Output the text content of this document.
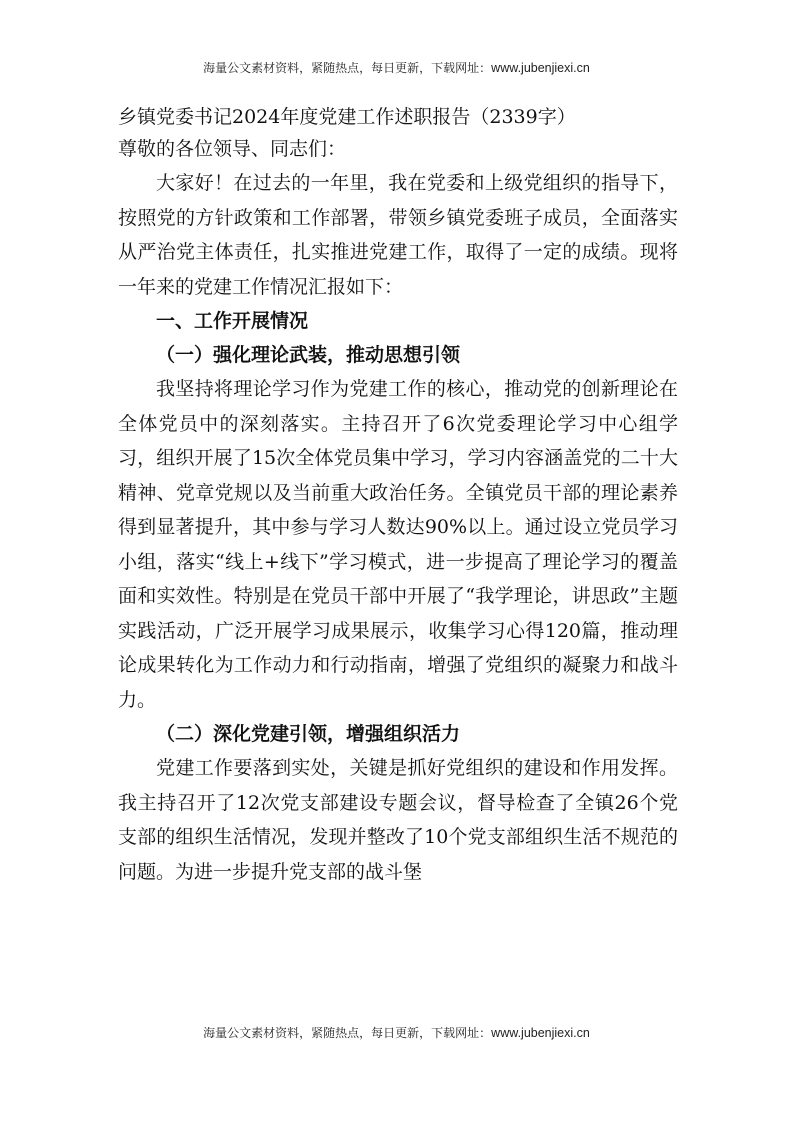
海量公文素材资料，紧随热点，每日更新，下载网址：www.jubenjiexi.cn
乡镇党委书记2024年度党建工作述职报告（2339字）

尊敬的各位领导、同志们：

大家好！在过去的一年里，我在党委和上级党组织的指导下，按照党的方针政策和工作部署，带领乡镇党委班子成员，全面落实从严治党主体责任，扎实推进党建工作，取得了一定的成绩。现将一年来的党建工作情况汇报如下：

一、工作开展情况

（一）强化理论武装，推动思想引领

我坚持将理论学习作为党建工作的核心，推动党的创新理论在全体党员中的深刻落实。主持召开了6次党委理论学习中心组学习，组织开展了15次全体党员集中学习，学习内容涵盖党的二十大精神、党章党规以及当前重大政治任务。全镇党员干部的理论素养得到显著提升，其中参与学习人数达90%以上。通过设立党员学习小组，落实“线上+线下”学习模式，进一步提高了理论学习的覆盖面和实效性。特别是在党员干部中开展了“我学理论，讲思政”主题实践活动，广泛开展学习成果展示，收集学习心得120篇，推动理论成果转化为工作动力和行动指南，增强了党组织的凝聚力和战斗力。

（二）深化党建引领，增强组织活力

党建工作要落到实处，关键是抓好党组织的建设和作用发挥。我主持召开了12次党支部建设专题会议，督导检查了全镇26个党支部的组织生活情况，发现并整改了10个党支部组织生活不规范的问题。为进一步提升党支部的战斗堡

海量公文素材资料，紧随热点，每日更新，下载网址：www.jubenjiexi.cn
